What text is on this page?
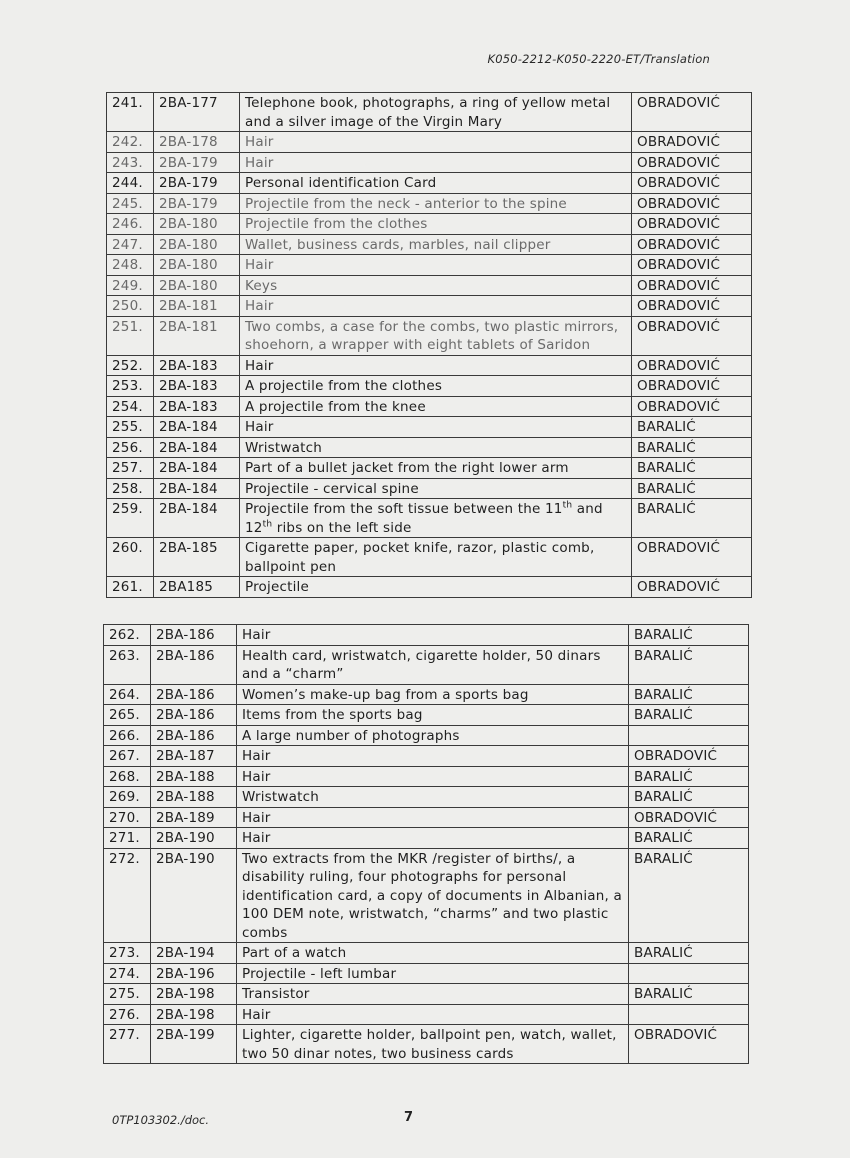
K050-2212-K050-2220-ET/Translation
241.	2BA-177	Telephone book, photographs, a ring of yellow metal and a silver image of the Virgin Mary	OBRADOVIĆ
242.	2BA-178	Hair	OBRADOVIĆ
243.	2BA-179	Hair	OBRADOVIĆ
244.	2BA-179	Personal identification Card	OBRADOVIĆ
245.	2BA-179	Projectile from the neck - anterior to the spine	OBRADOVIĆ
246.	2BA-180	Projectile from the clothes	OBRADOVIĆ
247.	2BA-180	Wallet, business cards, marbles, nail clipper	OBRADOVIĆ
248.	2BA-180	Hair	OBRADOVIĆ
249.	2BA-180	Keys	OBRADOVIĆ
250.	2BA-181	Hair	OBRADOVIĆ
251.	2BA-181	Two combs, a case for the combs, two plastic mirrors, shoehorn, a wrapper with eight tablets of Saridon	OBRADOVIĆ
252.	2BA-183	Hair	OBRADOVIĆ
253.	2BA-183	A projectile from the clothes	OBRADOVIĆ
254.	2BA-183	A projectile from the knee	OBRADOVIĆ
255.	2BA-184	Hair	BARALIĆ
256.	2BA-184	Wristwatch	BARALIĆ
257.	2BA-184	Part of a bullet jacket from the right lower arm	BARALIĆ
258.	2BA-184	Projectile - cervical spine	BARALIĆ
259.	2BA-184	Projectile from the soft tissue between the 11th and 12th ribs on the left side	BARALIĆ
260.	2BA-185	Cigarette paper, pocket knife, razor, plastic comb, ballpoint pen	OBRADOVIĆ
261.	2BA185	Projectile	OBRADOVIĆ
262.	2BA-186	Hair	BARALIĆ
263.	2BA-186	Health card, wristwatch, cigarette holder, 50 dinars and a “charm”	BARALIĆ
264.	2BA-186	Women’s make-up bag from a sports bag	BARALIĆ
265.	2BA-186	Items from the sports bag	BARALIĆ
266.	2BA-186	A large number of photographs	
267.	2BA-187	Hair	OBRADOVIĆ
268.	2BA-188	Hair	BARALIĆ
269.	2BA-188	Wristwatch	BARALIĆ
270.	2BA-189	Hair	OBRADOVIĆ
271.	2BA-190	Hair	BARALIĆ
272.	2BA-190	Two extracts from the MKR /register of births/, a disability ruling, four photographs for personal identification card, a copy of documents in Albanian, a 100 DEM note, wristwatch, “charms” and two plastic combs	BARALIĆ
273.	2BA-194	Part of a watch	BARALIĆ
274.	2BA-196	Projectile - left lumbar	
275.	2BA-198	Transistor	BARALIĆ
276.	2BA-198	Hair	
277.	2BA-199	Lighter, cigarette holder, ballpoint pen, watch, wallet, two 50 dinar notes, two business cards	OBRADOVIĆ
0TP103302./doc.	7
